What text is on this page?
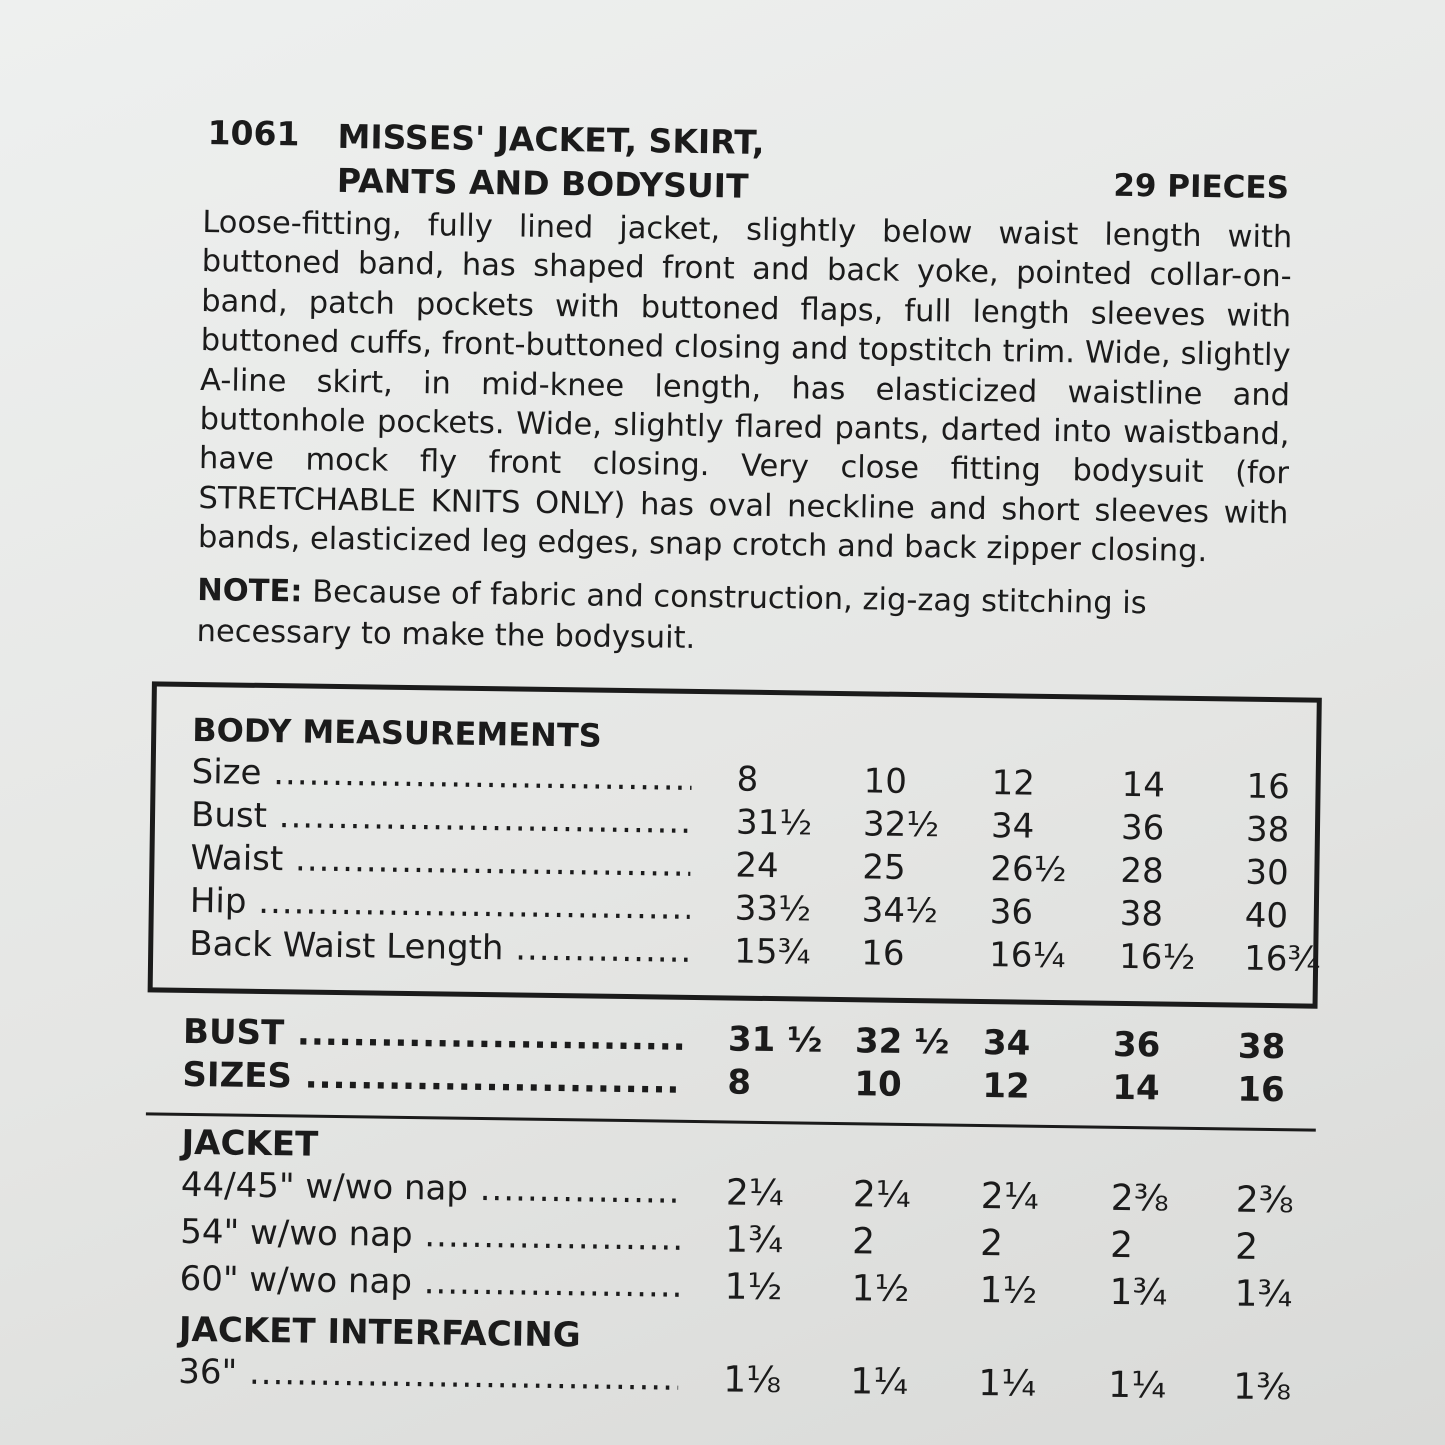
1061 MISSES' JACKET, SKIRT,
PANTS AND BODYSUIT	29 PIECES
Loose-fitting, fully lined jacket, slightly below waist length with buttoned band, has shaped front and back yoke, pointed collar-on-band, patch pockets with buttoned flaps, full length sleeves with buttoned cuffs, front-buttoned closing and topstitch trim. Wide, slightly A-line skirt, in mid-knee length, has elasticized waistline and buttonhole pockets. Wide, slightly flared pants, darted into waistband, have mock fly front closing. Very close fitting bodysuit (for STRETCHABLE KNITS ONLY) has oval neckline and short sleeves with bands, elasticized leg edges, snap crotch and back zipper closing.
NOTE: Because of fabric and construction, zig-zag stitching is necessary to make the bodysuit.
BODY MEASUREMENTS
Size .....	8	10 12	14 16
Bust .....	31½ 32½ 34	36 38
Waist .....	24 25 26½ 28 30
Hip .....	33½ 34½ 36	38 40
Back Waist Length .....	15¾ 16 16¼ 16½ 16¾
BUST .....	31 ½ 32 ½ 34 36 38
SIZES .....	8	10 12 14 16
JACKET
44/45" w/wo nap .....	2¼ 2¼ 2¼ 2⅜ 2⅜
54" w/wo nap .....	1¾ 2	2	2	2
60" w/wo nap .....	1½ 1½ 1½ 1¾ 1¾
JACKET INTERFACING
36" .....	1⅛ 1¼ 1¼ 1¼ 1⅜
